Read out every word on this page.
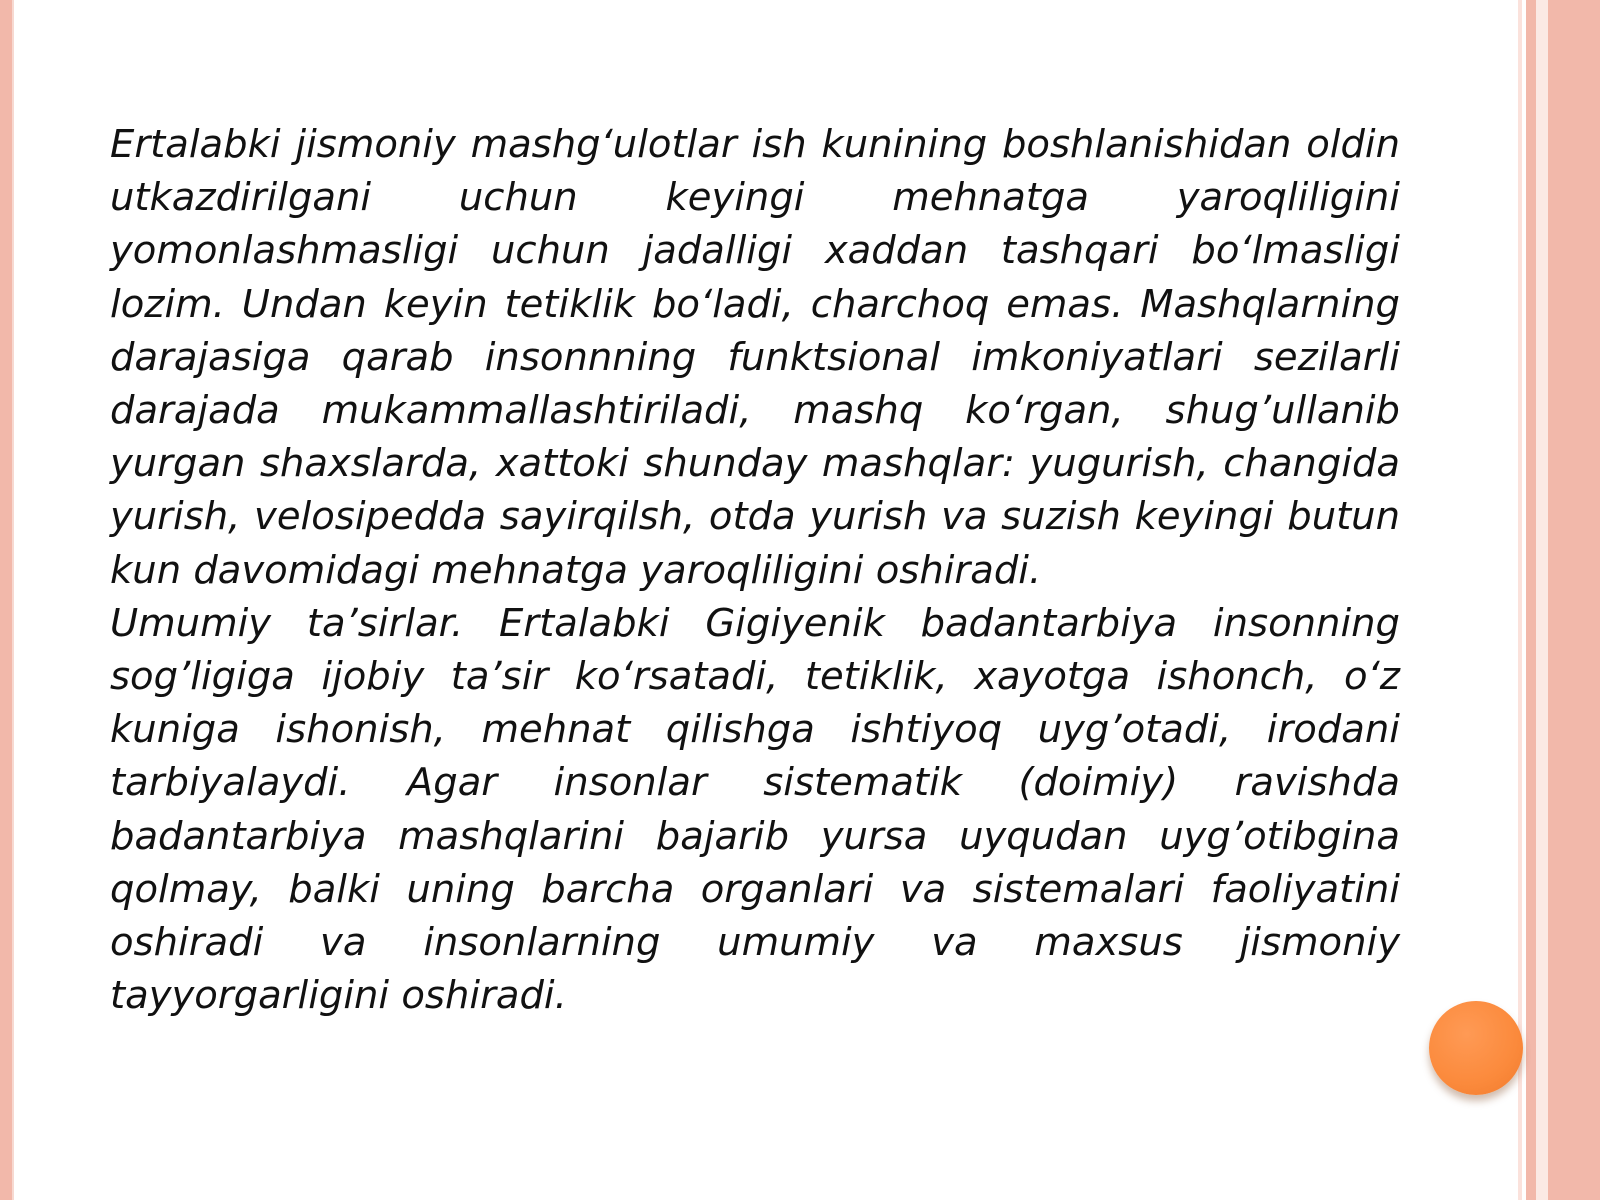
Ertalabki jismoniy mashg‘ulotlar ish kunining boshlanishidan oldin utkazdirilgani uchun keyingi mehnatga yaroqliligini yomonlashmasligi uchun jadalligi xaddan tashqari bo‘lmasligi lozim. Undan keyin tetiklik bo‘ladi, charchoq emas. Mashqlarning darajasiga qarab insonnning funktsional imkoniyatlari sezilarli darajada mukammallashtiriladi, mashq ko‘rgan, shug’ullanib yurgan shaxslarda, xattoki shunday mashqlar: yugurish, changida yurish, velosipedda sayirqilsh, otda yurish va suzish keyingi butun kun davomidagi mehnatga yaroqliligini oshiradi.

Umumiy ta’sirlar. Ertalabki Gigiyenik badantarbiya insonning sog’ligiga ijobiy ta’sir ko‘rsatadi, tetiklik, xayotga ishonch, o‘z kuniga ishonish, mehnat qilishga ishtiyoq uyg’otadi, irodani tarbiyalaydi. Agar insonlar sistematik (doimiy) ravishda badantarbiya mashqlarini bajarib yursa uyqudan uyg’otibgina qolmay, balki uning barcha organlari va sistemalari faoliyatini oshiradi va insonlarning umumiy va maxsus jismoniy tayyorgarligini oshiradi.
